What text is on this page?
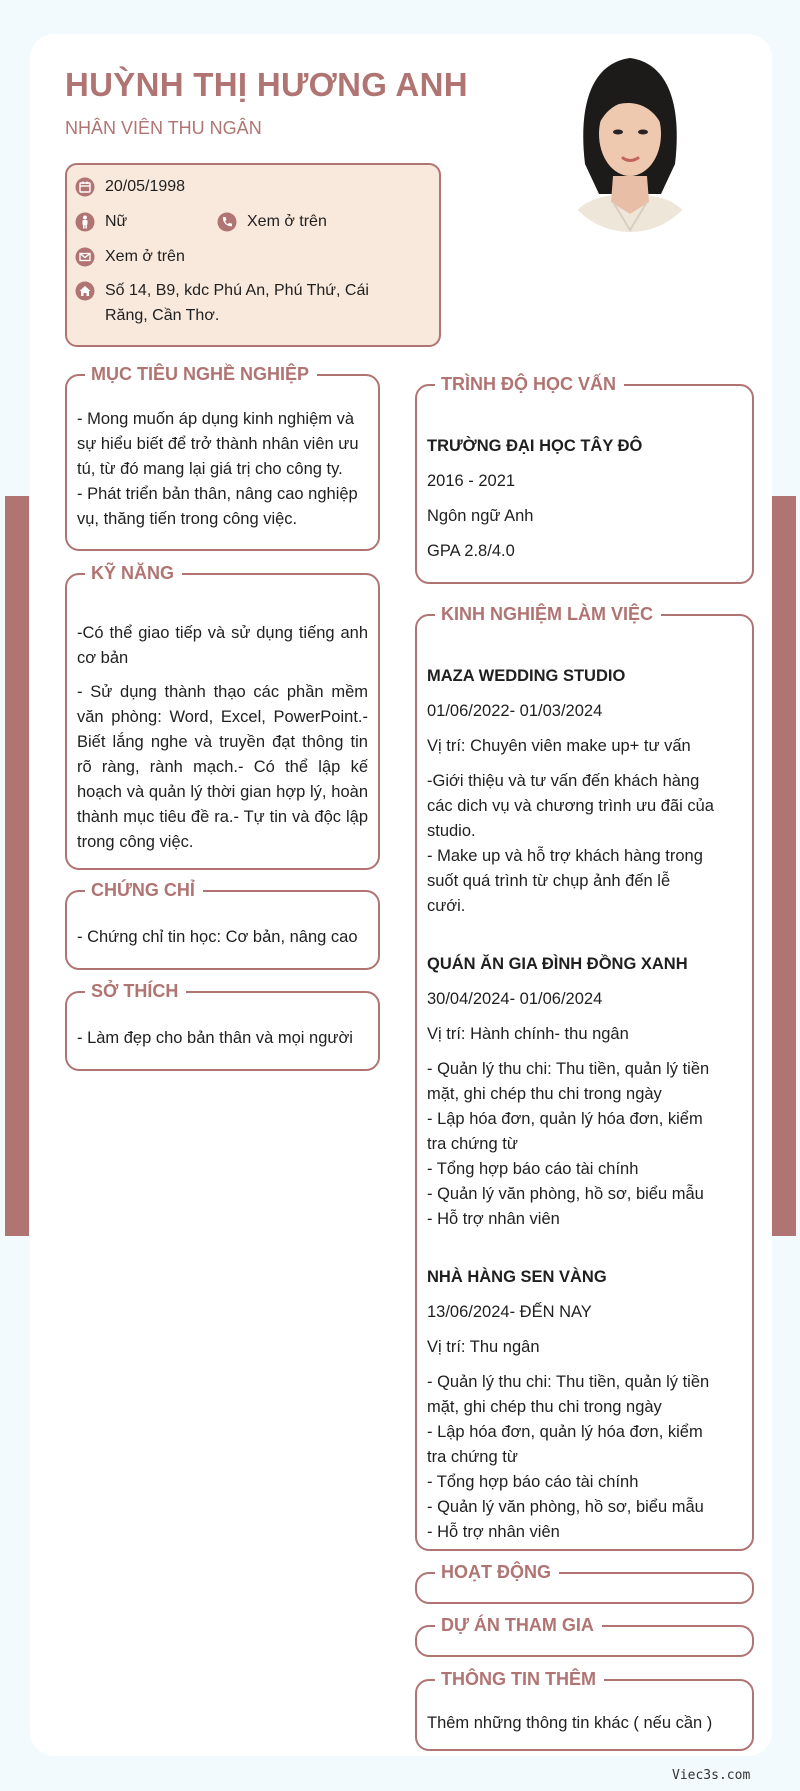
HUỲNH THỊ HƯƠNG ANH
NHÂN VIÊN THU NGÂN
20/05/1998
Nữ	Xem ở trên
Xem ở trên
Số 14, B9, kdc Phú An, Phú Thứ, Cái
Răng, Cần Thơ.
MỤC TIÊU NGHỀ NGHIỆP
- Mong muốn áp dụng kinh nghiệm và
sự hiểu biết để trở thành nhân viên ưu
tú, từ đó mang lại giá trị cho công ty.
- Phát triển bản thân, nâng cao nghiệp
vụ, thăng tiến trong công việc.
KỸ NĂNG

-Có thể giao tiếp và sử dụng tiếng anh cơ bản

- Sử dụng thành thạo các phần mềm văn phòng: Word, Excel, PowerPoint.- Biết lắng nghe và truyền đạt thông tin rõ ràng, rành mạch.- Có thể lập kế hoạch và quản lý thời gian hợp lý, hoàn thành mục tiêu đề ra.- Tự tin và độc lập trong công việc.

CHỨNG CHỈ
- Chứng chỉ tin học: Cơ bản, nâng cao
SỞ THÍCH
- Làm đẹp cho bản thân và mọi người
TRÌNH ĐỘ HỌC VẤN
TRƯỜNG ĐẠI HỌC TÂY ĐÔ
2016 - 2021
Ngôn ngữ Anh
GPA 2.8/4.0
KINH NGHIỆM LÀM VIỆC
MAZA WEDDING STUDIO
01/06/2022- 01/03/2024
Vị trí: Chuyên viên make up+ tư vấn
-Giới thiệu và tư vấn đến khách hàng
các dich vụ và chương trình ưu đãi của
studio.
- Make up và hỗ trợ khách hàng trong
suốt quá trình từ chụp ảnh đến lễ
cưới.
QUÁN ĂN GIA ĐÌNH ĐỒNG XANH
30/04/2024- 01/06/2024
Vị trí: Hành chính- thu ngân
- Quản lý thu chi: Thu tiền, quản lý tiền
mặt, ghi chép thu chi trong ngày
- Lập hóa đơn, quản lý hóa đơn, kiểm
tra chứng từ
- Tổng hợp báo cáo tài chính
- Quản lý văn phòng, hồ sơ, biểu mẫu
- Hỗ trợ nhân viên
NHÀ HÀNG SEN VÀNG
13/06/2024- ĐẾN NAY
Vị trí: Thu ngân
- Quản lý thu chi: Thu tiền, quản lý tiền
mặt, ghi chép thu chi trong ngày
- Lập hóa đơn, quản lý hóa đơn, kiểm
tra chứng từ
- Tổng hợp báo cáo tài chính
- Quản lý văn phòng, hồ sơ, biểu mẫu
- Hỗ trợ nhân viên
HOẠT ĐỘNG
DỰ ÁN THAM GIA
THÔNG TIN THÊM
Thêm những thông tin khác ( nếu cần )
Viec3s.com
